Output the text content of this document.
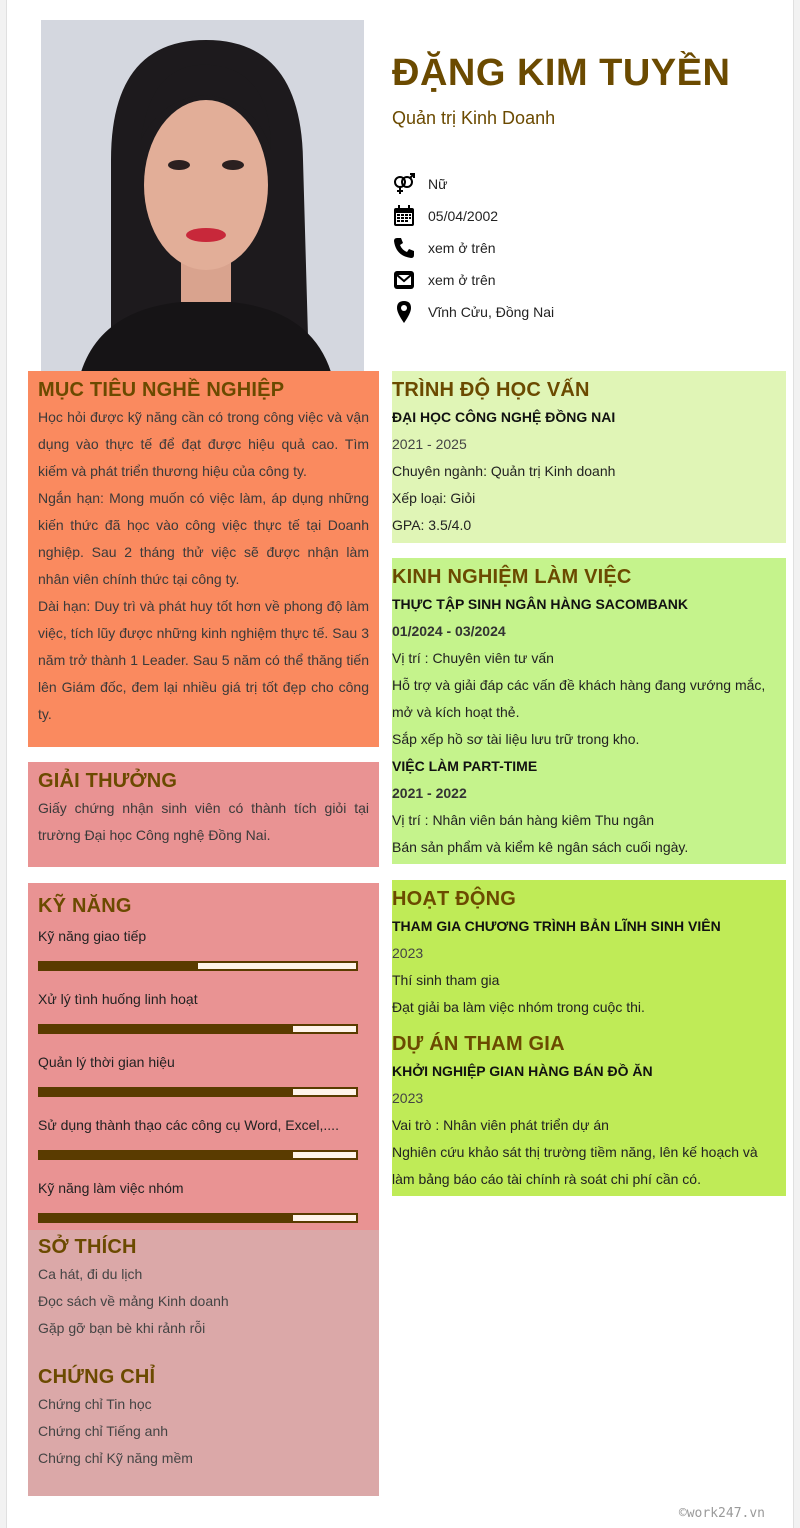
ĐẶNG KIM TUYỀN
Quản trị Kinh Doanh
Nữ
05/04/2002
xem ở trên
xem ở trên
Vĩnh Cửu, Đồng Nai
MỤC TIÊU NGHỀ NGHIỆP

Học hỏi được kỹ năng cần có trong công việc và vận dụng vào thực tế để đạt được hiệu quả cao. Tìm kiếm và phát triển thương hiệu của công ty.

Ngắn hạn: Mong muốn có việc làm, áp dụng những kiến thức đã học vào công việc thực tế tại Doanh nghiệp. Sau 2 tháng thử việc sẽ được nhận làm nhân viên chính thức tại công ty.

Dài hạn: Duy trì và phát huy tốt hơn về phong độ làm việc, tích lũy được những kinh nghiệm thực tế. Sau 3 năm trở thành 1 Leader. Sau 5 năm có thể thăng tiến lên Giám đốc, đem lại nhiều giá trị tốt đẹp cho công ty.

GIẢI THƯỞNG

Giấy chứng nhận sinh viên có thành tích giỏi tại trường Đại học Công nghệ Đồng Nai.

KỸ NĂNG
Kỹ năng giao tiếp
Xử lý tình huống linh hoạt
Quản lý thời gian hiệu
Sử dụng thành thạo các công cụ Word, Excel,....
Kỹ năng làm việc nhóm
SỞ THÍCH
Ca hát, đi du lịch
Đọc sách về mảng Kinh doanh
Gặp gỡ bạn bè khi rảnh rỗi
CHỨNG CHỈ
Chứng chỉ Tin học
Chứng chỉ Tiếng anh
Chứng chỉ Kỹ năng mềm
TRÌNH ĐỘ HỌC VẤN
ĐẠI HỌC CÔNG NGHỆ ĐỒNG NAI
2021 - 2025
Chuyên ngành: Quản trị Kinh doanh
Xếp loại: Giỏi
GPA: 3.5/4.0
KINH NGHIỆM LÀM VIỆC
THỰC TẬP SINH NGÂN HÀNG SACOMBANK
01/2024 - 03/2024
Vị trí : Chuyên viên tư vấn
Hỗ trợ và giải đáp các vấn đề khách hàng đang vướng mắc, mở và kích hoạt thẻ.
Sắp xếp hồ sơ tài liệu lưu trữ trong kho.
VIỆC LÀM PART-TIME
2021 - 2022
Vị trí : Nhân viên bán hàng kiêm Thu ngân
Bán sản phẩm và kiểm kê ngân sách cuối ngày.
HOẠT ĐỘNG
THAM GIA CHƯƠNG TRÌNH BẢN LĨNH SINH VIÊN
2023
Thí sinh tham gia
Đạt giải ba làm việc nhóm trong cuộc thi.
DỰ ÁN THAM GIA
KHỞI NGHIỆP GIAN HÀNG BÁN ĐỒ ĂN
2023
Vai trò : Nhân viên phát triển dự án
Nghiên cứu khảo sát thị trường tiềm năng, lên kế hoạch và làm bảng báo cáo tài chính rà soát chi phí cần có.
©work247.vn
